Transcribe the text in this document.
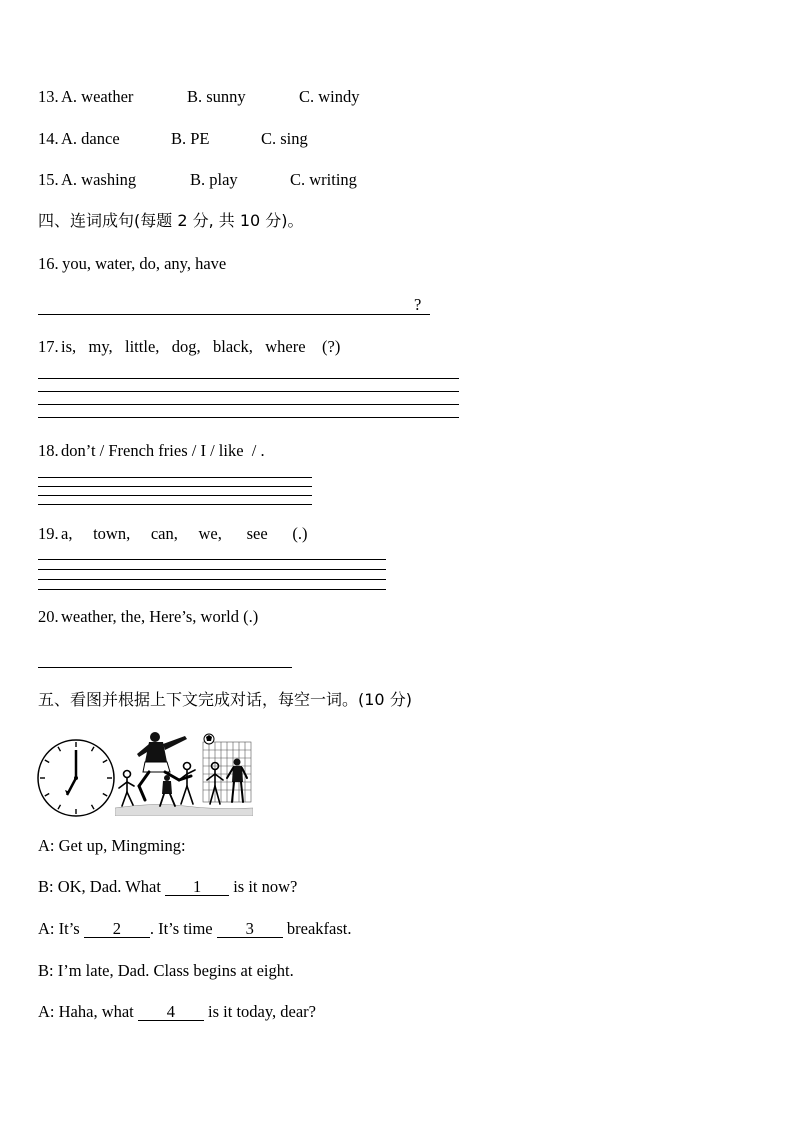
13. A. weather	B. sunny	C. windy
14. A. dance	B. PE	C. sing
15. A. washing	B. play	C. writing
四、连词成句(每题 2 分, 共 10 分)。
16. you, water, do, any, have
?
17. is,   my,   little,   dog,   black,   where    (?)
18. don’t / French fries / I / like  / .
19. a,     town,     can,     we,      see      (.)
20. weather, the, Here’s, world (.)
五、看图并根据上下文完成对话，每空一词。(10 分)
A: Get up, Mingming:
B: OK, Dad. What 1 is it now?
A: It’s 2 . It’s time 3 breakfast.
B: I’m late, Dad. Class begins at eight.
A: Haha, what 4 is it today, dear?
